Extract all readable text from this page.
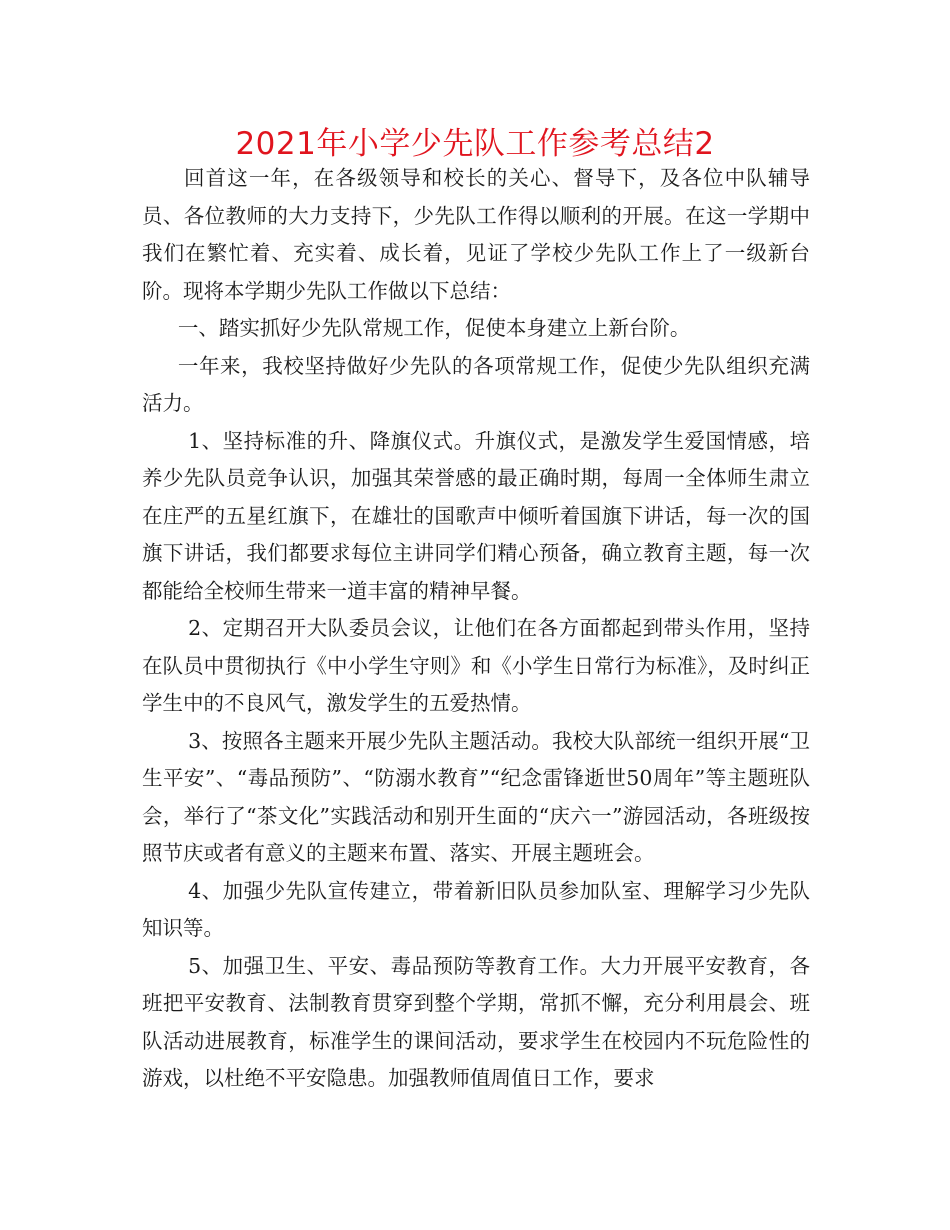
2021年小学少先队工作参考总结2

回首这一年，在各级领导和校长的关心、督导下，及各位中队辅导员、各位教师的大力支持下，少先队工作得以顺利的开展。在这一学期中我们在繁忙着、充实着、成长着，见证了学校少先队工作上了一级新台阶。现将本学期少先队工作做以下总结：

一、踏实抓好少先队常规工作，促使本身建立上新台阶。

一年来，我校坚持做好少先队的各项常规工作，促使少先队组织充满活力。

1、坚持标准的升、降旗仪式。升旗仪式，是激发学生爱国情感，培养少先队员竞争认识，加强其荣誉感的最正确时期，每周一全体师生肃立在庄严的五星红旗下，在雄壮的国歌声中倾听着国旗下讲话，每一次的国旗下讲话，我们都要求每位主讲同学们精心预备，确立教育主题，每一次都能给全校师生带来一道丰富的精神早餐。

2、定期召开大队委员会议，让他们在各方面都起到带头作用，坚持在队员中贯彻执行《中小学生守则》和《小学生日常行为标准》，及时纠正学生中的不良风气，激发学生的五爱热情。

3、按照各主题来开展少先队主题活动。我校大队部统一组织开展“卫生平安”、“毒品预防”、“防溺水教育”“纪念雷锋逝世50周年”等主题班队会，举行了“茶文化”实践活动和别开生面的“庆六一”游园活动，各班级按照节庆或者有意义的主题来布置、落实、开展主题班会。

4、加强少先队宣传建立，带着新旧队员参加队室、理解学习少先队知识等。

5、加强卫生、平安、毒品预防等教育工作。大力开展平安教育，各班把平安教育、法制教育贯穿到整个学期，常抓不懈，充分利用晨会、班队活动进展教育，标准学生的课间活动，要求学生在校园内不玩危险性的游戏，以杜绝不平安隐患。加强教师值周值日工作，要求
